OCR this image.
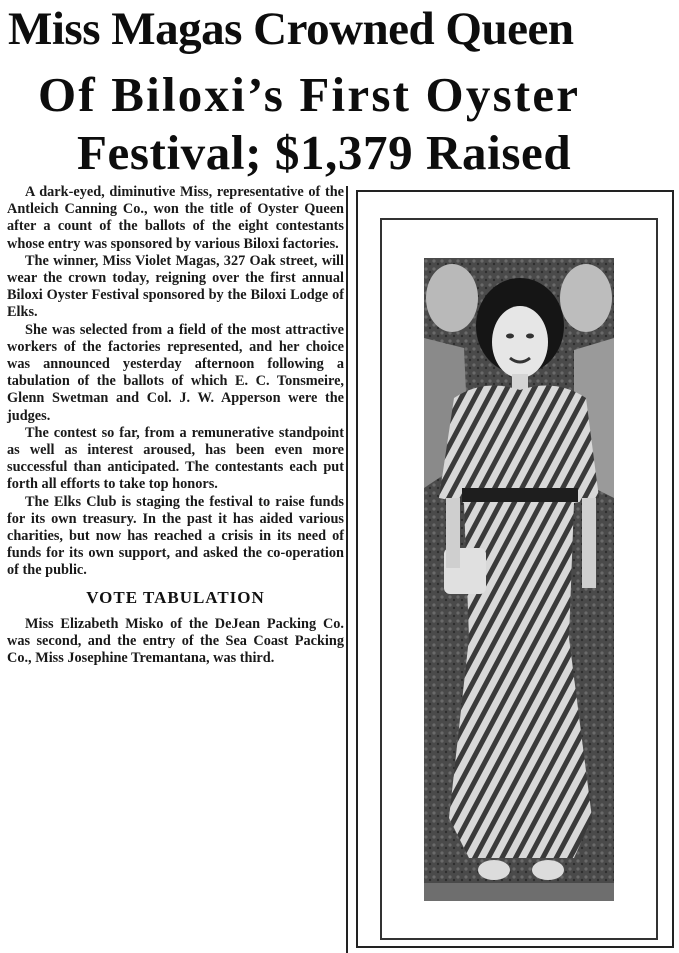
Miss Magas Crowned Queen
Of Biloxi’s First Oyster
Festival; $1,379 Raised

A dark-eyed, diminutive Miss, representative of the Antleich Canning Co., won the title of Oyster Queen after a count of the ballots of the eight contestants whose entry was sponsored by various Biloxi factories.

The winner, Miss Violet Magas, 327 Oak street, will wear the crown today, reigning over the first annual Biloxi Oyster Festival sponsored by the Biloxi Lodge of Elks.

She was selected from a field of the most attractive workers of the factories represented, and her choice was announced yesterday afternoon following a tabulation of the ballots of which E. C. Tonsmeire, Glenn Swetman and Col. J. W. Apperson were the judges.

The contest so far, from a remunerative standpoint as well as interest aroused, has been even more successful than anticipated. The contestants each put forth all efforts to take top honors.

The Elks Club is staging the festival to raise funds for its own treasury. In the past it has aided various charities, but now has reached a crisis in its need of funds for its own support, and asked the co-operation of the public.

VOTE TABULATION

Miss Elizabeth Misko of the DeJean Packing Co. was second, and the entry of the Sea Coast Packing Co., Miss Josephine Tremantana, was third.
